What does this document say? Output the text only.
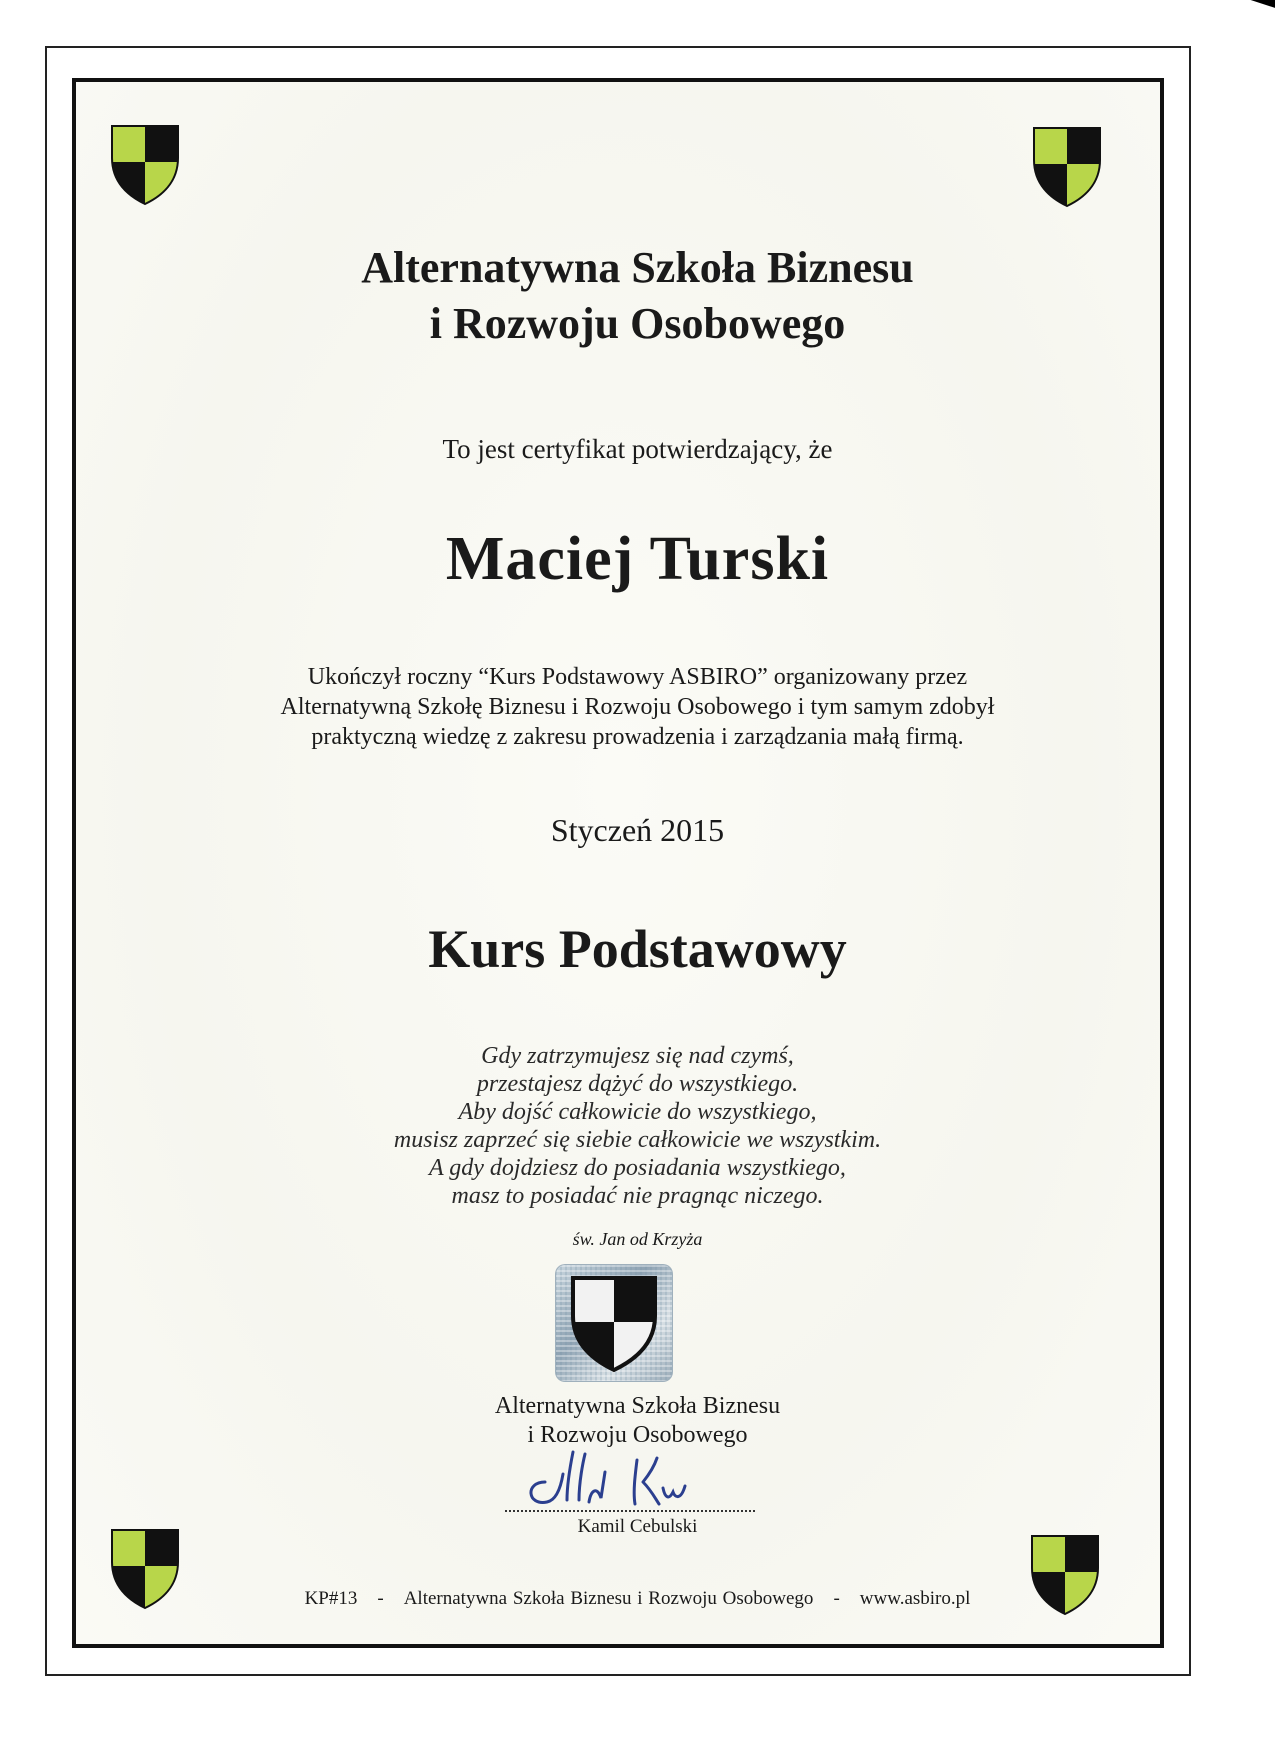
Alternatywna Szkoła Biznesu
i Rozwoju Osobowego
To jest certyfikat potwierdzający, że
Maciej Turski
Ukończył roczny “Kurs Podstawowy ASBIRO” organizowany przez
Alternatywną Szkołę Biznesu i Rozwoju Osobowego i tym samym zdobył
praktyczną wiedzę z zakresu prowadzenia i zarządzania małą firmą.
Styczeń 2015
Kurs Podstawowy
Gdy zatrzymujesz się nad czymś,
przestajesz dążyć do wszystkiego.
Aby dojść całkowicie do wszystkiego,
musisz zaprzeć się siebie całkowicie we wszystkim.
A gdy dojdziesz do posiadania wszystkiego,
masz to posiadać nie pragnąc niczego.
św. Jan od Krzyża
Alternatywna Szkoła Biznesu
i Rozwoju Osobowego
Kamil Cebulski
KP#13 - Alternatywna Szkoła Biznesu i Rozwoju Osobowego - www.asbiro.pl
